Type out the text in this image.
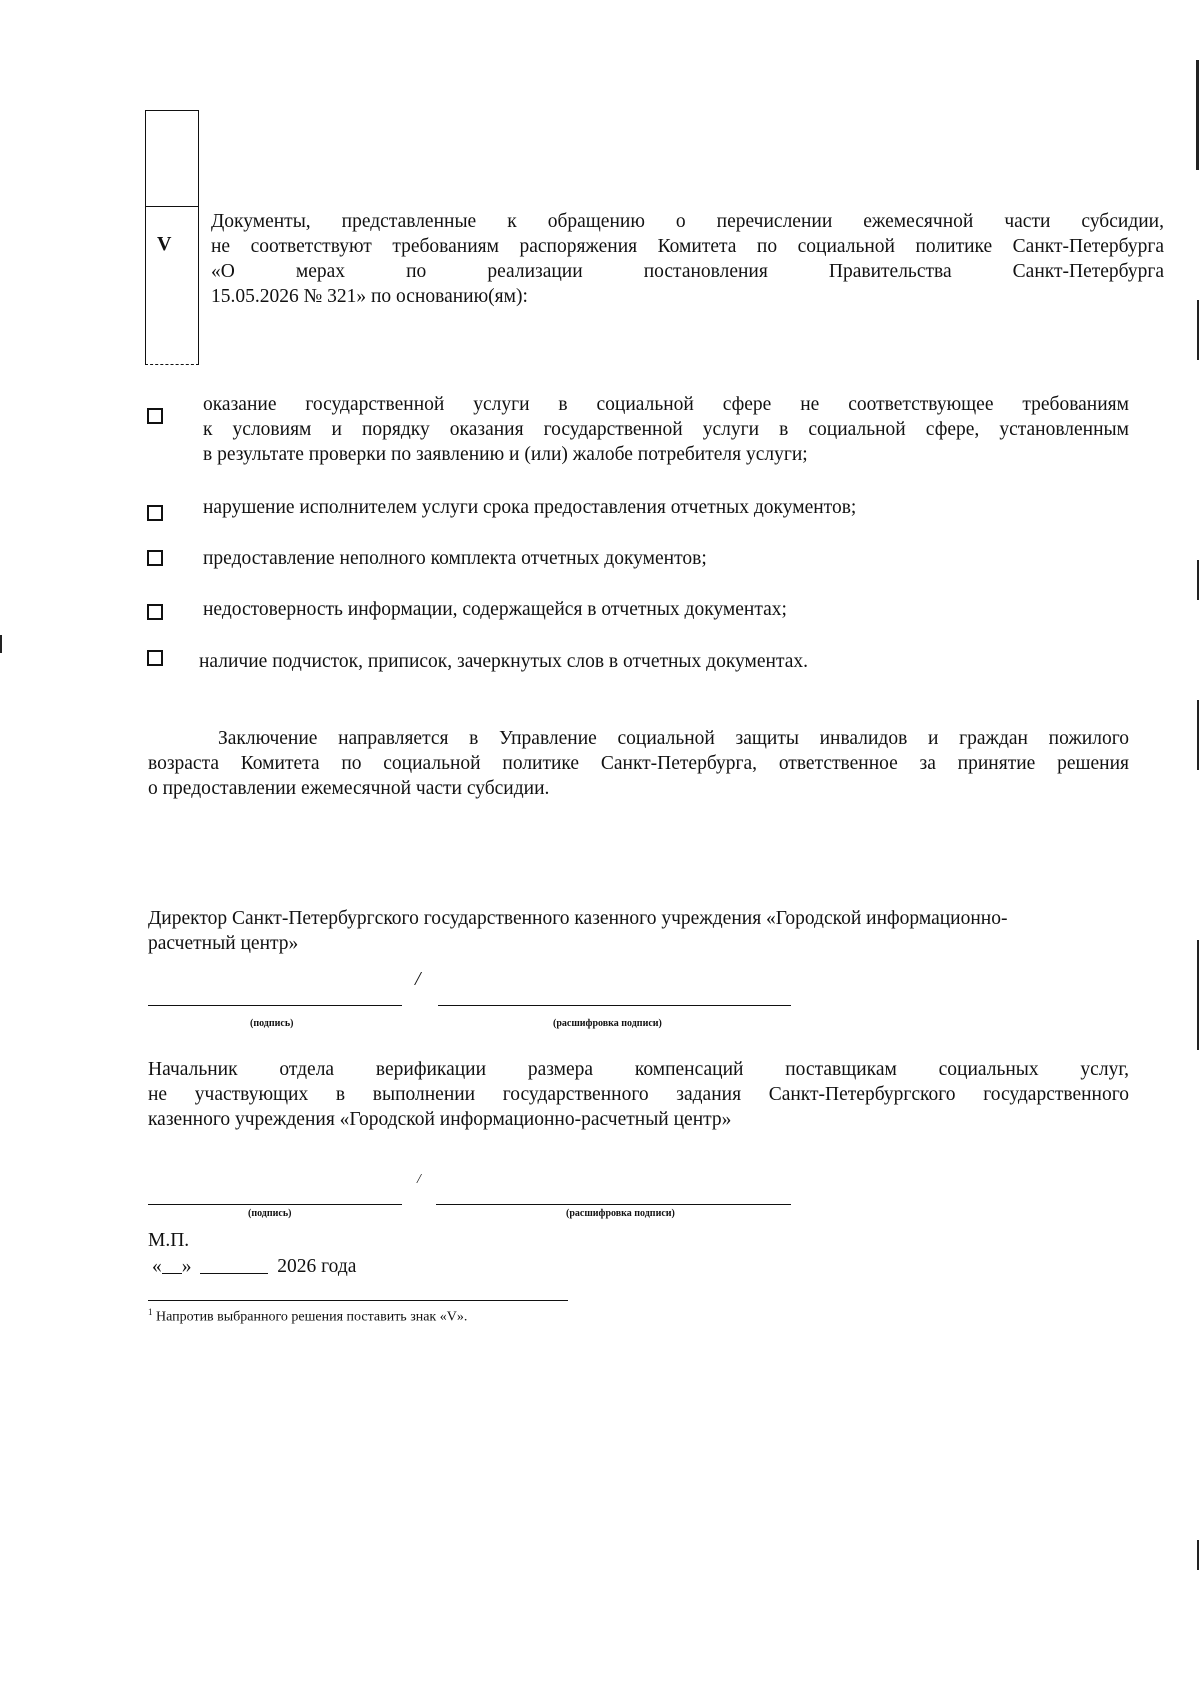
V
Документы, представленные к обращению о перечислении ежемесячной части субсидии,
не соответствуют требованиям распоряжения Комитета по социальной политике Санкт-Петербурга
«О мерах по реализации постановления Правительства Санкт-Петербурга
15.05.2026 № 321» по основанию(ям):
оказание государственной услуги в социальной сфере не соответствующее требованиям
к условиям и порядку оказания государственной услуги в социальной сфере, установленным
в результате проверки по заявлению и (или) жалобе потребителя услуги;
нарушение исполнителем услуги срока предоставления отчетных документов;
предоставление неполного комплекта отчетных документов;
недостоверность информации, содержащейся в отчетных документах;
наличие подчисток, приписок, зачеркнутых слов в отчетных документах.
Заключение направляется в Управление социальной защиты инвалидов и граждан пожилого
возраста Комитета по социальной политике Санкт-Петербурга, ответственное за принятие решения
о предоставлении ежемесячной части субсидии.
Директор Санкт-Петербургского государственного казенного учреждения «Городской информационно-
расчетный центр»
/
(подпись)	(расшифровка подписи)
Начальник отдела верификации размера компенсаций поставщикам социальных услуг,
не участвующих в выполнении государственного задания Санкт-Петербургского государственного
казенного учреждения «Городской информационно-расчетный центр»
/
(подпись)	(расшифровка подписи)
М.П.
« »	2026 года
$^1$ Напротив выбранного решения поставить знак «V».
